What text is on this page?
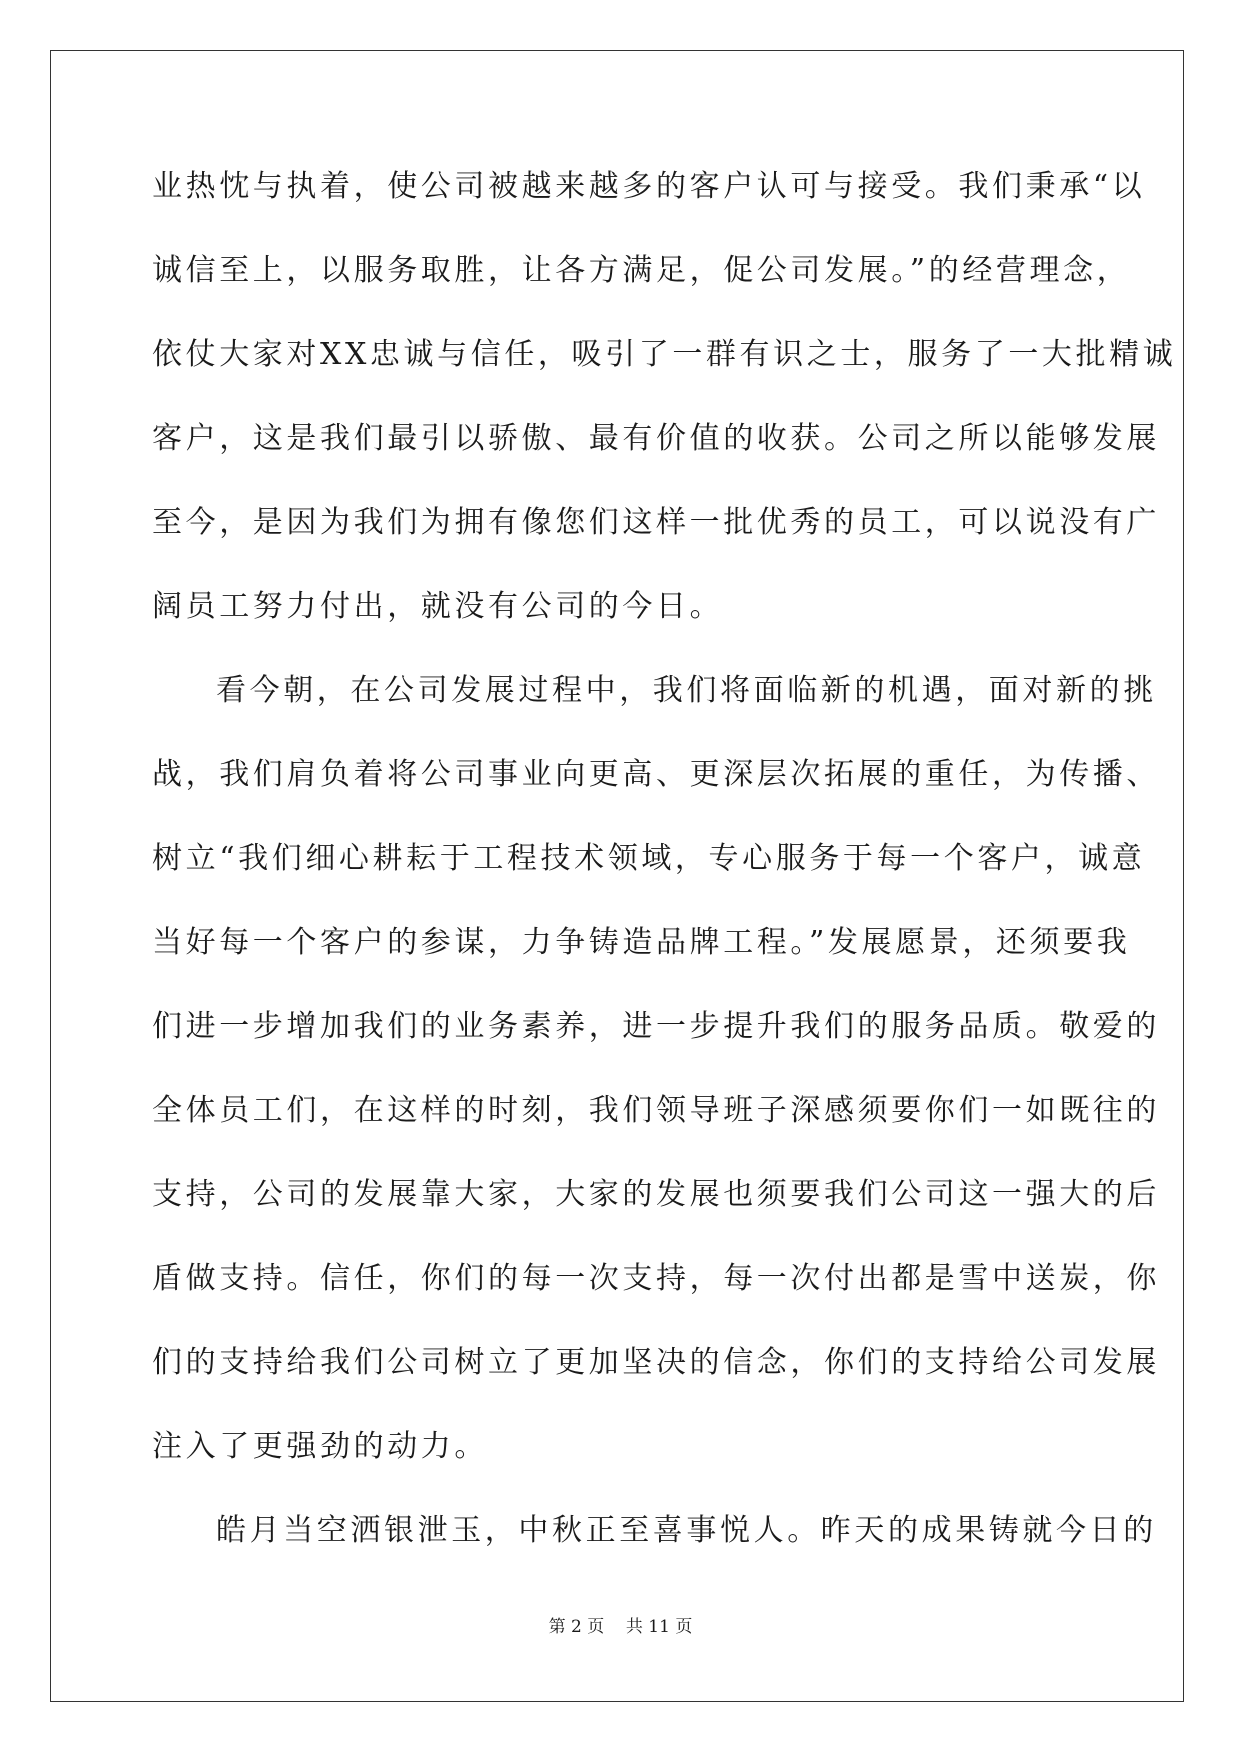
业热忱与执着，使公司被越来越多的客户认可与接受。我们秉承“以
诚信至上，以服务取胜，让各方满足，促公司发展。”的经营理念，
依仗大家对XX忠诚与信任，吸引了一群有识之士，服务了一大批精诚
客户，这是我们最引以骄傲、最有价值的收获。公司之所以能够发展
至今，是因为我们为拥有像您们这样一批优秀的员工，可以说没有广
阔员工努力付出，就没有公司的今日。
看今朝，在公司发展过程中，我们将面临新的机遇，面对新的挑
战，我们肩负着将公司事业向更高、更深层次拓展的重任，为传播、
树立“我们细心耕耘于工程技术领域，专心服务于每一个客户，诚意
当好每一个客户的参谋，力争铸造品牌工程。”发展愿景，还须要我
们进一步增加我们的业务素养，进一步提升我们的服务品质。敬爱的
全体员工们，在这样的时刻，我们领导班子深感须要你们一如既往的
支持，公司的发展靠大家，大家的发展也须要我们公司这一强大的后
盾做支持。信任，你们的每一次支持，每一次付出都是雪中送炭，你
们的支持给我们公司树立了更加坚决的信念，你们的支持给公司发展
注入了更强劲的动力。
皓月当空洒银泄玉，中秋正至喜事悦人。昨天的成果铸就今日的
第 2 页    共 11 页
